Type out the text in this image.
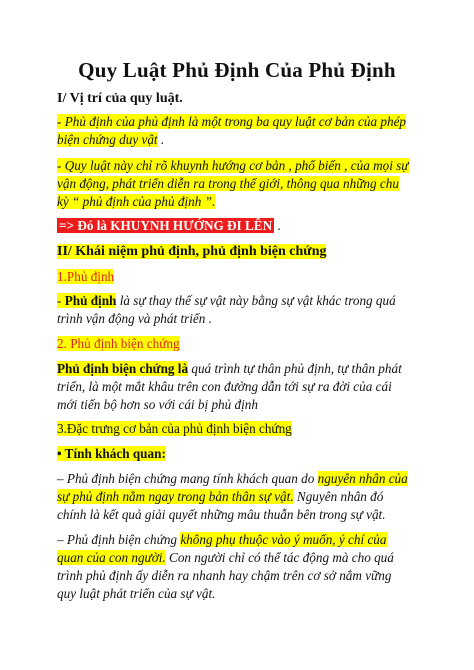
Quy Luật Phủ Định Của Phủ Định
I/ Vị trí của quy luật.
- Phủ định của phủ định là một trong ba quy luật cơ bản của phép
biện chứng duy vật .
- Quy luật này chỉ rõ khuynh hướng cơ bản , phổ biến , của mọi sự
vận động, phát triển diễn ra trong thế giới, thông qua những chu
kỳ “ phủ định của phủ định ”.
=> Đó là KHUYNH HƯỚNG ĐI LÊN .
II/ Khái niệm phủ định, phủ định biện chứng
1.Phủ định
- Phủ định là sự thay thế sự vật này bằng sự vật khác trong quá
trình vận động và phát triển .
2. Phủ định biện chứng
Phủ định biện chứng là quá trình tự thân phủ định, tự thân phát
triển, là một mắt khâu trên con đường dẫn tới sự ra đời của cái
mới tiến bộ hơn so với cái bị phủ định
3.Đặc trưng cơ bản của phủ định biện chứng
• Tính khách quan:
– Phủ định biện chứng mang tính khách quan do nguyên nhân của
sự phủ định nằm ngay trong bản thân sự vật. Nguyên nhân đó
chính là kết quả giải quyết những mâu thuẫn bên trong sự vật.
– Phủ định biện chứng không phụ thuộc vào ý muốn, ý chí của
quan của con người. Con người chỉ có thể tác động mà cho quá
trình phủ định ấy diễn ra nhanh hay chậm trên cơ sở nắm vững
quy luật phát triển của sự vật.
